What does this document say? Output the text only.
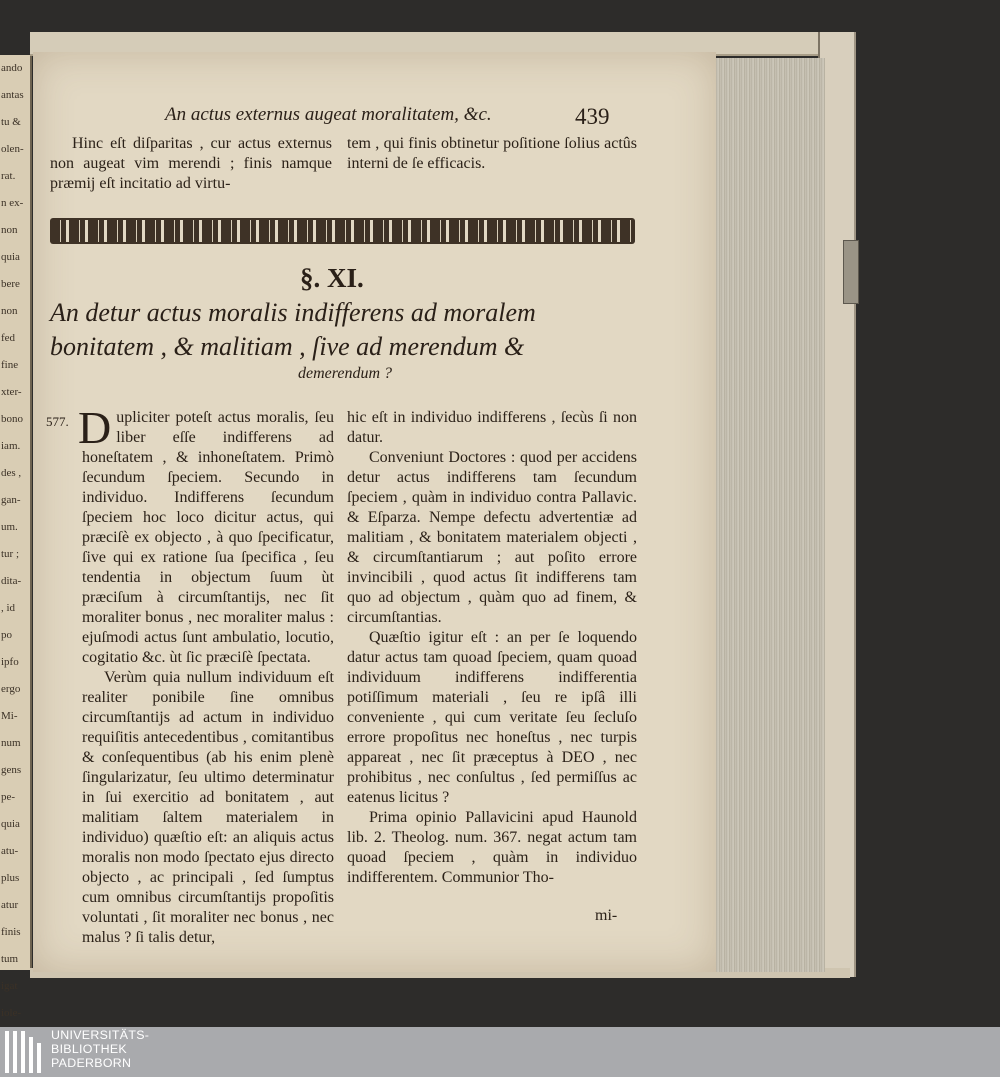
ando
antas
tu &
olen-
rat.
n ex-
non
quia
bere
non
fed
fine
xter-
bono
iam.
des ,
gan-
um.
tur ;
dita-
, id
po
ipfo
ergo
Mi-
num
gens
pe-
quia
atu-
plus
atur
finis
tum
igat
iole-
An actus externus augeat moralitatem, &c.	439

Hinc eſt diſparitas , cur actus externus non augeat vim merendi ; finis namque præmij eſt incitatio ad virtu-

tem , qui finis obtinetur poſitione ſolius actûs interni de ſe efficacis.

§. XI.
An detur actus moralis indifferens ad moralem bonitatem , & malitiam , ſive ad merendum &
demerendum ?
577. Dupliciter poteſt actus moralis, ſeu liber eſſe indifferens ad honeſtatem , & inhoneſtatem. Primò ſecundum ſpeciem. Secundo in individuo. Indifferens ſecundum ſpeciem hoc loco dicitur actus, qui præciſè ex objecto , à quo ſpecificatur, ſive qui ex ratione ſua ſpecifica , ſeu tendentia in objectum ſuum ùt præciſum à circumſtantijs, nec ſit moraliter bonus , nec moraliter malus : ejuſmodi actus ſunt ambulatio, locutio, cogitatio &c. ùt ſic præciſè ſpectata.

Verùm quia nullum individuum eſt realiter ponibile ſine omnibus circumſtantijs ad actum in individuo requiſitis antecedentibus , comitantibus & conſequentibus (ab his enim plenè ſingularizatur, ſeu ultimo determinatur in ſui exercitio ad bonitatem , aut malitiam ſaltem materialem in individuo) quæſtio eſt: an aliquis actus moralis non modo ſpectato ejus directo objecto , ac principali , ſed ſumptus cum omnibus circumſtantijs propoſitis voluntati , ſit moraliter nec bonus , nec malus ? ſi talis detur,

hic eſt in individuo indifferens , ſecùs ſi non datur.

Conveniunt Doctores : quod per accidens detur actus indifferens tam ſecundum ſpeciem , quàm in individuo contra Pallavic. & Eſparza. Nempe defectu advertentiæ ad malitiam , & bonitatem materialem objecti , & circumſtantiarum ; aut poſito errore invincibili , quod actus ſit indifferens tam quo ad objectum , quàm quo ad finem, & circumſtantias.

Quæſtio igitur eſt : an per ſe loquendo datur actus tam quoad ſpeciem, quam quoad individuum indifferens indifferentia potiſſimum materiali , ſeu re ipſâ illi conveniente , qui cum veritate ſeu ſecluſo errore propoſitus nec honeſtus , nec turpis appareat , nec ſit præceptus à DEO , nec prohibitus , nec conſultus , ſed permiſſus ac eatenus licitus ?

Prima opinio Pallavicini apud Haunold lib. 2. Theolog. num. 367. negat actum tam quoad ſpeciem , quàm in individuo indifferentem. Communior Tho-

mi-
UNIVERSITÄTS-
BIBLIOTHEK
PADERBORN
